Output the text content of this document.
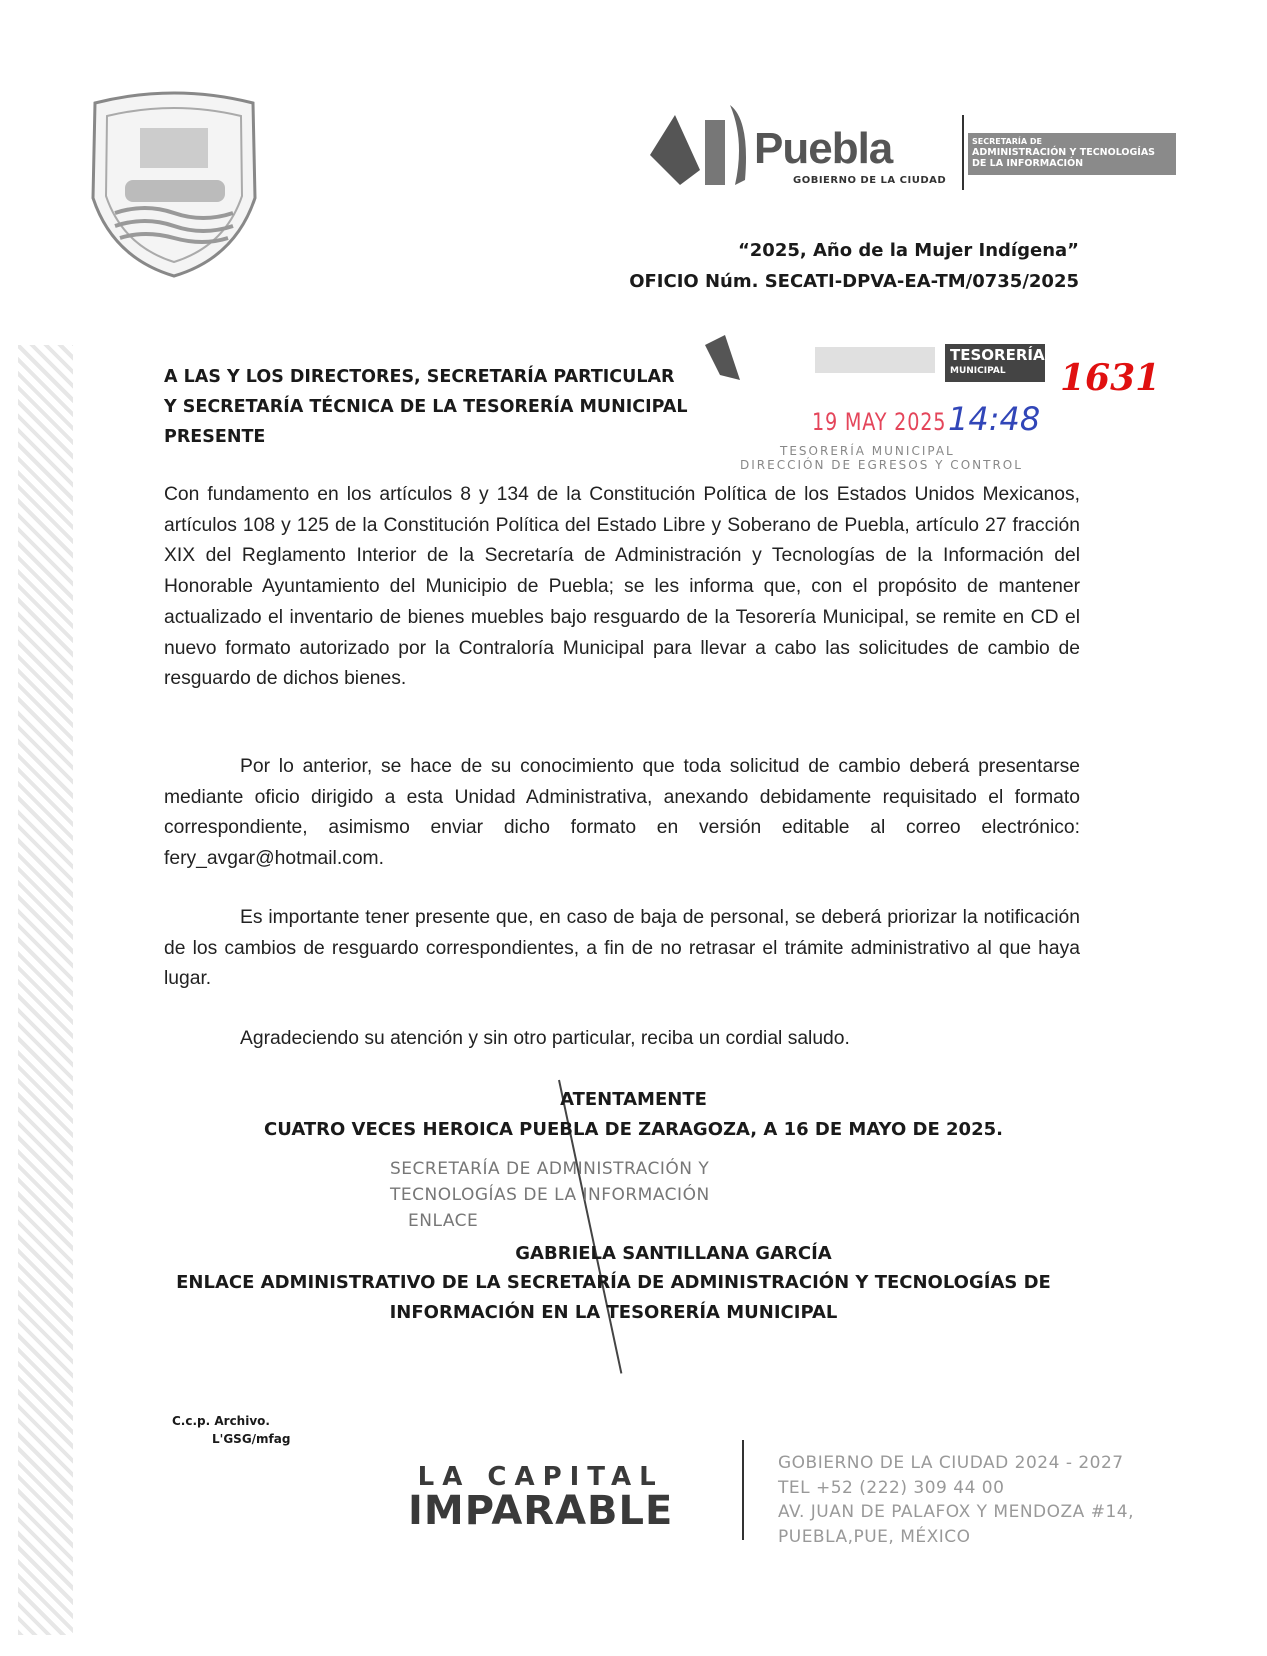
Puebla
GOBIERNO DE LA CIUDAD
SECRETARÍA DE
ADMINISTRACIÓN Y TECNOLOGÍAS
DE LA INFORMACIÓN
“2025, Año de la Mujer Indígena”
OFICIO Núm. SECATI-DPVA-EA-TM/0735/2025
A LAS Y LOS DIRECTORES, SECRETARÍA PARTICULAR
Y SECRETARÍA TÉCNICA DE LA TESORERÍA MUNICIPAL
PRESENTE
TESORERÍA
MUNICIPAL	1631
19 MAY 2025 14:48
TESORERÍA MUNICIPAL
DIRECCIÓN DE EGRESOS Y CONTROL
Con fundamento en los artículos 8 y 134 de la Constitución Política de los Estados Unidos Mexicanos, artículos 108 y 125 de la Constitución Política del Estado Libre y Soberano de Puebla, artículo 27 fracción XIX del Reglamento Interior de la Secretaría de Administración y Tecnologías de la Información del Honorable Ayuntamiento del Municipio de Puebla; se les informa que, con el propósito de mantener actualizado el inventario de bienes muebles bajo resguardo de la Tesorería Municipal, se remite en CD el nuevo formato autorizado por la Contraloría Municipal para llevar a cabo las solicitudes de cambio de resguardo de dichos bienes.
Por lo anterior, se hace de su conocimiento que toda solicitud de cambio deberá presentarse mediante oficio dirigido a esta Unidad Administrativa, anexando debidamente requisitado el formato correspondiente, asimismo enviar dicho formato en versión editable al correo electrónico: fery_avgar@hotmail.com.
Es importante tener presente que, en caso de baja de personal, se deberá priorizar la notificación de los cambios de resguardo correspondientes, a fin de no retrasar el trámite administrativo al que haya lugar.
Agradeciendo su atención y sin otro particular, reciba un cordial saludo.
ATENTAMENTE
CUATRO VECES HEROICA PUEBLA DE ZARAGOZA, A 16 DE MAYO DE 2025.
SECRETARÍA DE ADMINISTRACIÓN Y
TECNOLOGÍAS DE LA INFORMACIÓN
ENLACE
GABRIELA SANTILLANA GARCÍA
ENLACE ADMINISTRATIVO DE LA SECRETARÍA DE ADMINISTRACIÓN Y TECNOLOGÍAS DE
INFORMACIÓN EN LA TESORERÍA MUNICIPAL
C.c.p. Archivo.
L'GSG/mfag
LA CAPITAL
IMPARABLE
GOBIERNO DE LA CIUDAD 2024 - 2027
TEL +52 (222) 309 44 00
AV. JUAN DE PALAFOX Y MENDOZA #14,
PUEBLA,PUE, MÉXICO
